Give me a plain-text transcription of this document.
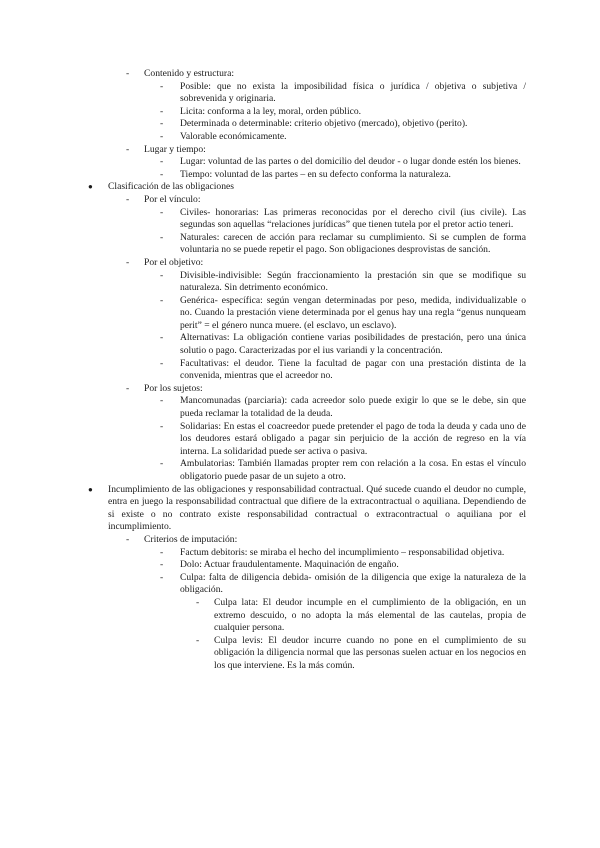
- Contenido y estructura:
- Posible: que no exista la imposibilidad física o jurídica / objetiva o subjetiva / sobrevenida y originaria.
- Licita: conforma a la ley, moral, orden público.
- Determinada o determinable: criterio objetivo (mercado), objetivo (perito).
- Valorable económicamente.
- Lugar y tiempo:
- Lugar: voluntad de las partes o del domicilio del deudor - o lugar donde estén los bienes.
- Tiempo: voluntad de las partes – en su defecto conforma la naturaleza.
● Clasificación de las obligaciones
- Por el vínculo:
- Civiles- honorarias: Las primeras reconocidas por el derecho civil (ius civile). Las segundas son aquellas “relaciones jurídicas” que tienen tutela por el pretor actio teneri.
- Naturales: carecen de acción para reclamar su cumplimiento. Si se cumplen de forma voluntaria no se puede repetir el pago. Son obligaciones desprovistas de sanción.
- Por el objetivo:
- Divisible-indivisible: Según fraccionamiento la prestación sin que se modifique su naturaleza. Sin detrimento económico.
- Genérica- específica: según vengan determinadas por peso, medida, individualizable o no. Cuando la prestación viene determinada por el genus hay una regla “genus nunqueam perit” = el género nunca muere. (el esclavo, un esclavo).
- Alternativas: La obligación contiene varias posibilidades de prestación, pero una única solutio o pago. Caracterizadas por el ius variandi y la concentración.
- Facultativas: el deudor. Tiene la facultad de pagar con una prestación distinta de la convenida, mientras que el acreedor no.
- Por los sujetos:
- Mancomunadas (parciaria): cada acreedor solo puede exigir lo que se le debe, sin que pueda reclamar la totalidad de la deuda.
- Solidarias: En estas el coacreedor puede pretender el pago de toda la deuda y cada uno de los deudores estará obligado a pagar sin perjuicio de la acción de regreso en la vía interna. La solidaridad puede ser activa o pasiva.
- Ambulatorias: También llamadas propter rem con relación a la cosa. En estas el vínculo obligatorio puede pasar de un sujeto a otro.
● Incumplimiento de las obligaciones y responsabilidad contractual. Qué sucede cuando el deudor no cumple, entra en juego la responsabilidad contractual que difiere de la extracontractual o aquiliana. Dependiendo de si existe o no contrato existe responsabilidad contractual o extracontractual o aquiliana por el incumplimiento.
- Criterios de imputación:
- Factum debitoris: se miraba el hecho del incumplimiento – responsabilidad objetiva.
- Dolo: Actuar fraudulentamente. Maquinación de engaño.
- Culpa: falta de diligencia debida- omisión de la diligencia que exige la naturaleza de la obligación.
- Culpa lata: El deudor incumple en el cumplimiento de la obligación, en un extremo descuido, o no adopta la más elemental de las cautelas, propia de cualquier persona.
- Culpa levis: El deudor incurre cuando no pone en el cumplimiento de su obligación la diligencia normal que las personas suelen actuar en los negocios en los que interviene. Es la más común.
